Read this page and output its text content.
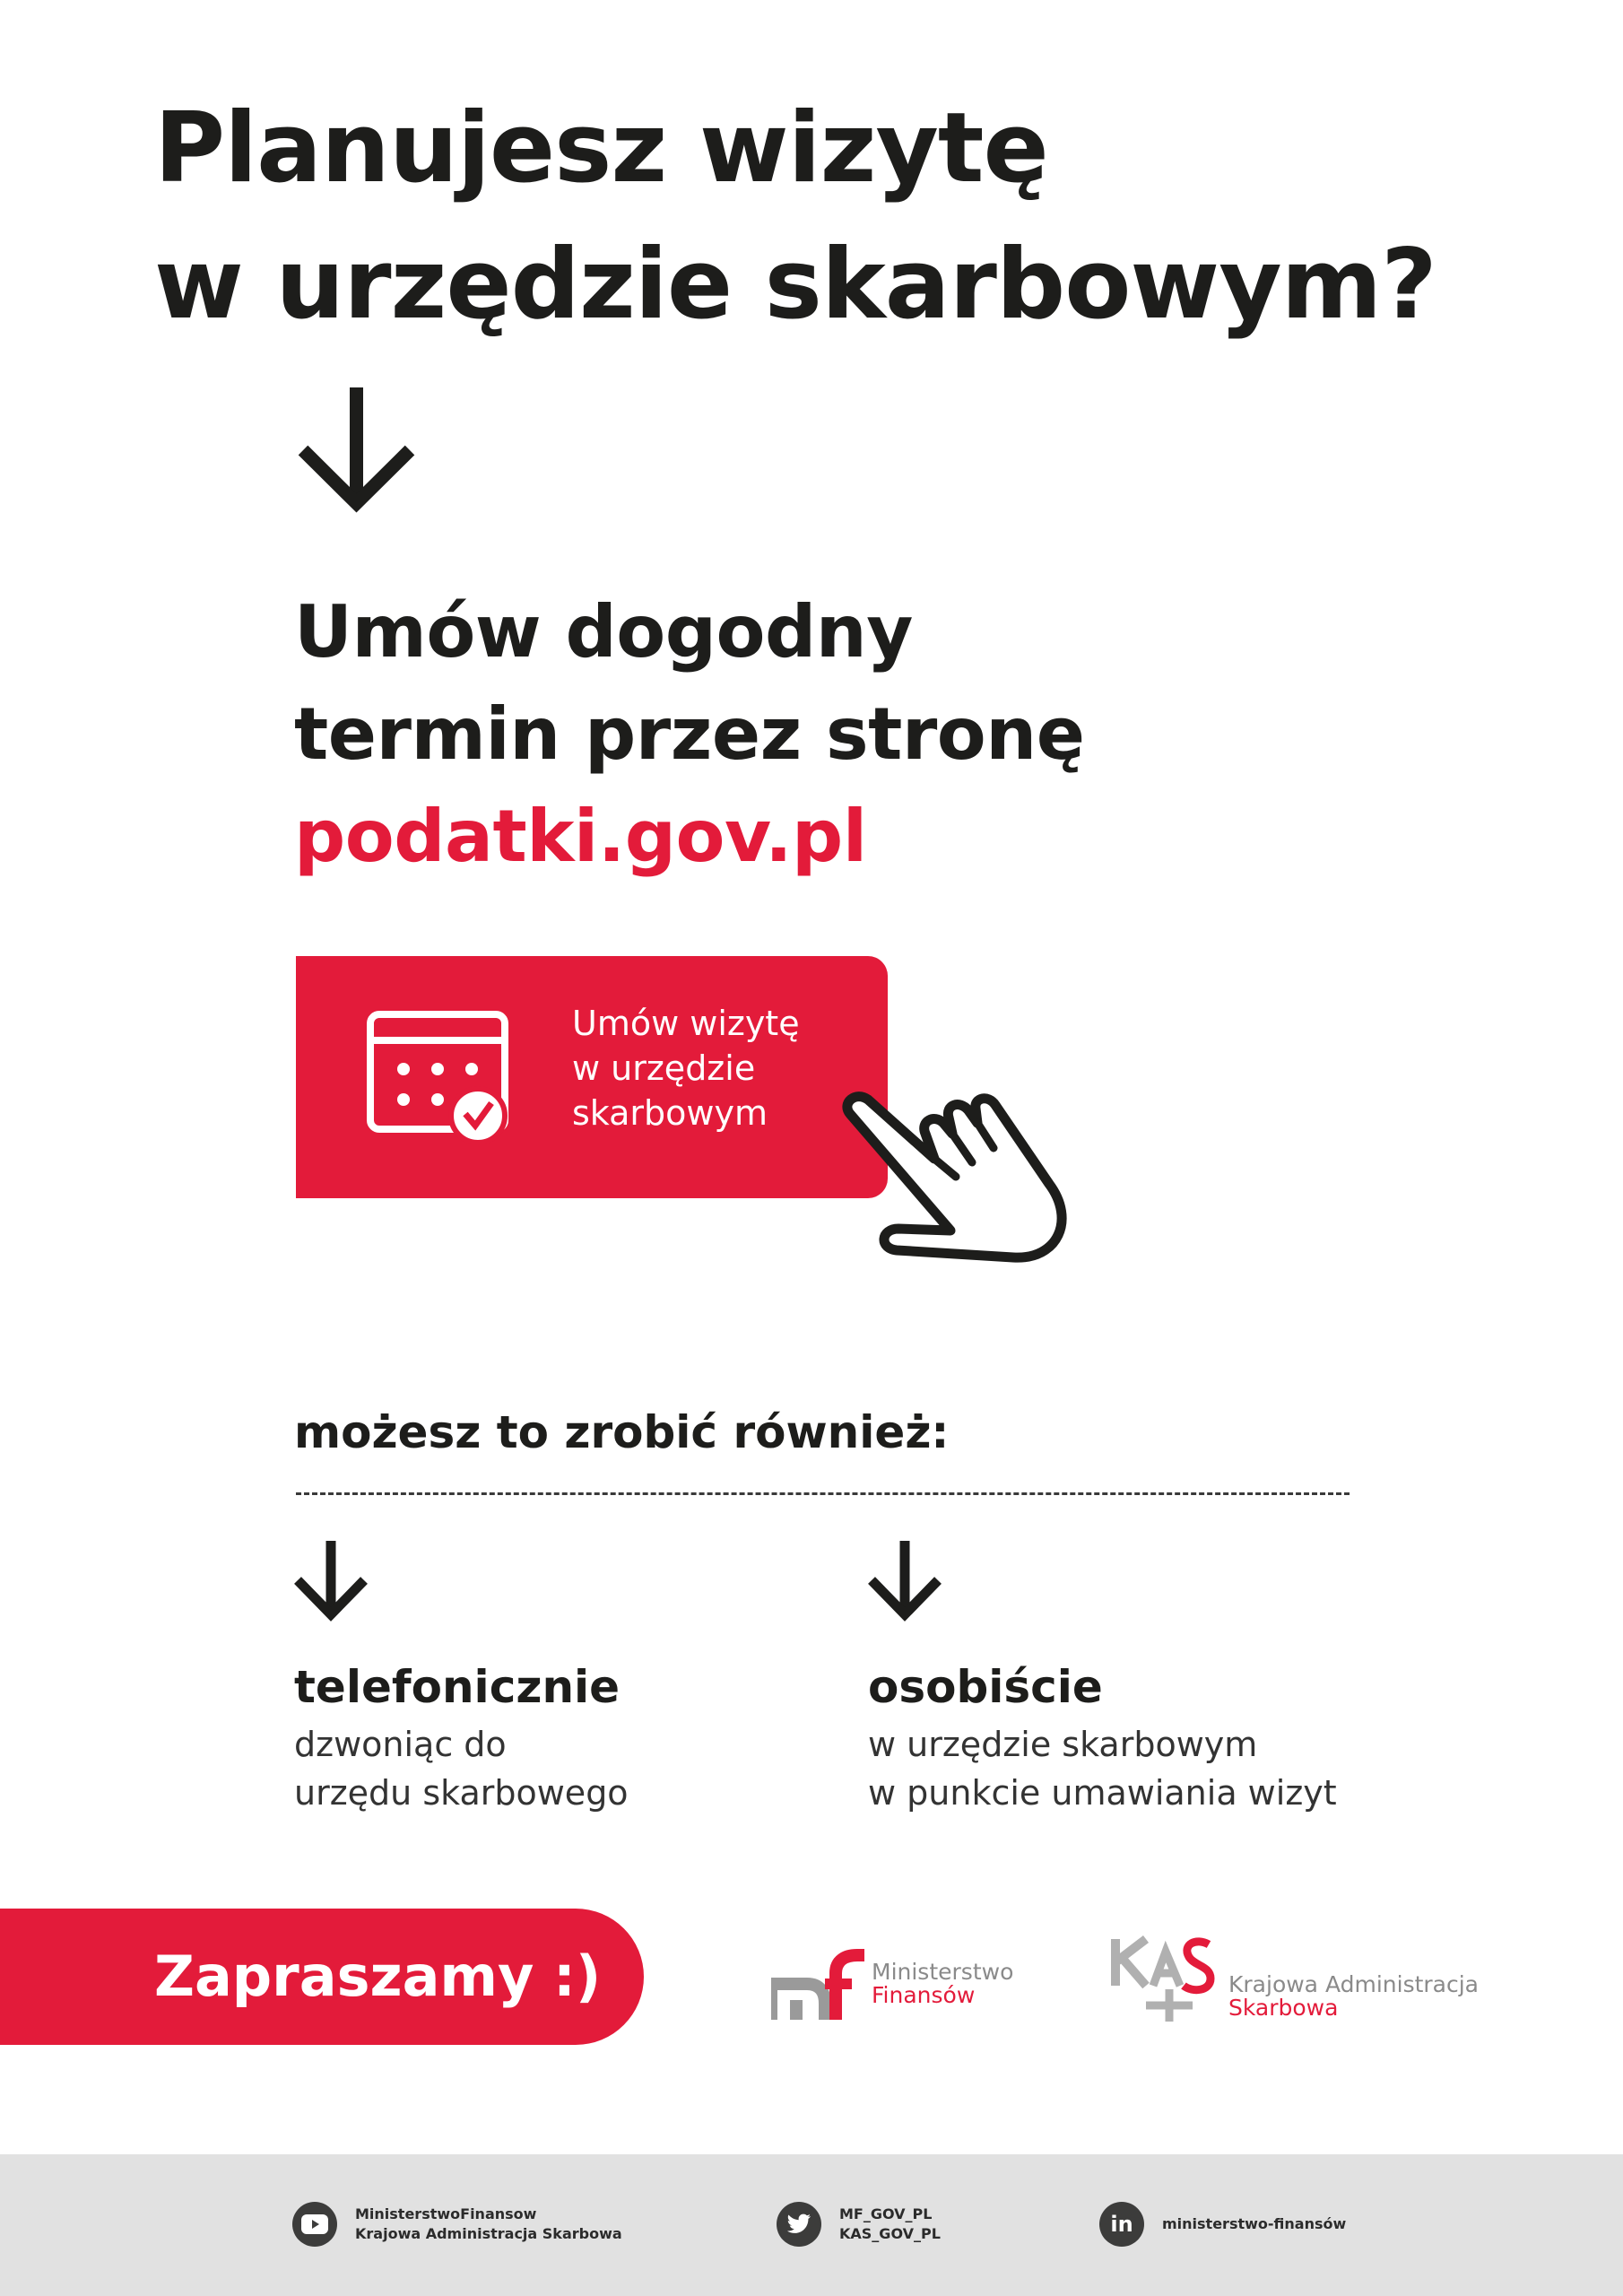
Planujesz wizytę
w urzędzie skarbowym?
Umów dogodny
termin przez stronę
podatki.gov.pl
Umów wizytę
w urzędzie
skarbowym
możesz to zrobić również:
telefonicznie
dzwoniąc do
urzędu skarbowego
osobiście
w urzędzie skarbowym
w punkcie umawiania wizyt
Zapraszamy :)	Ministerstwo
Finansów	Krajowa Administracja
Skarbowa
MinisterstwoFinansow
Krajowa Administracja Skarbowa
MF_GOV_PL
KAS_GOV_PL	in ministerstwo-finansów
